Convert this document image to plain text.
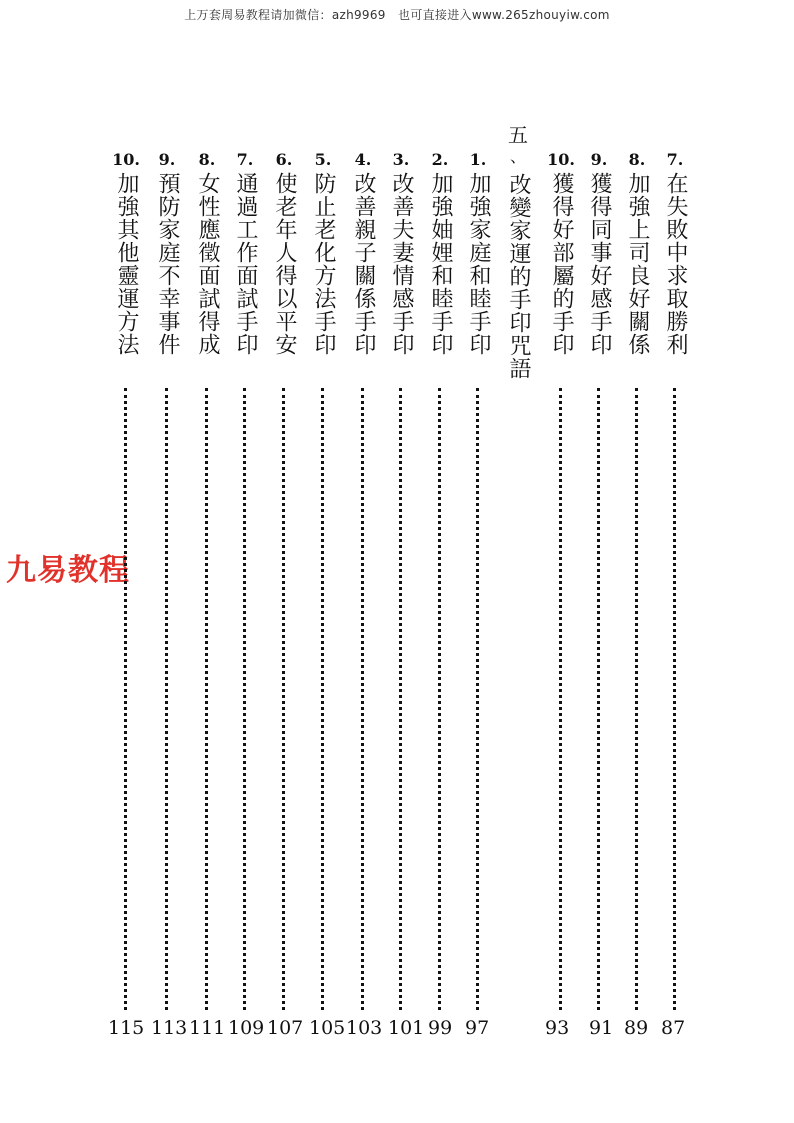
上万套周易教程请加微信：azh9969　也可直接进入www.265zhouyiw.com
九易教程
7.
在失敗中求取勝利
8.
加強上司良好關係
9.
獲得同事好感手印
10.
獲得好部屬的手印
五
、
改變家運的手印咒語
1.
加強家庭和睦手印
2.
加強妯娌和睦手印
3.
改善夫妻情感手印
4.
改善親子關係手印
5.
防止老化方法手印
6.
使老年人得以平安
7.
通過工作面試手印
8.
女性應徵面試得成
9.
預防家庭不幸事件
10.
加強其他靈運方法
87
89
91
93
97
99
101
103
105
107
109
111
113
115
